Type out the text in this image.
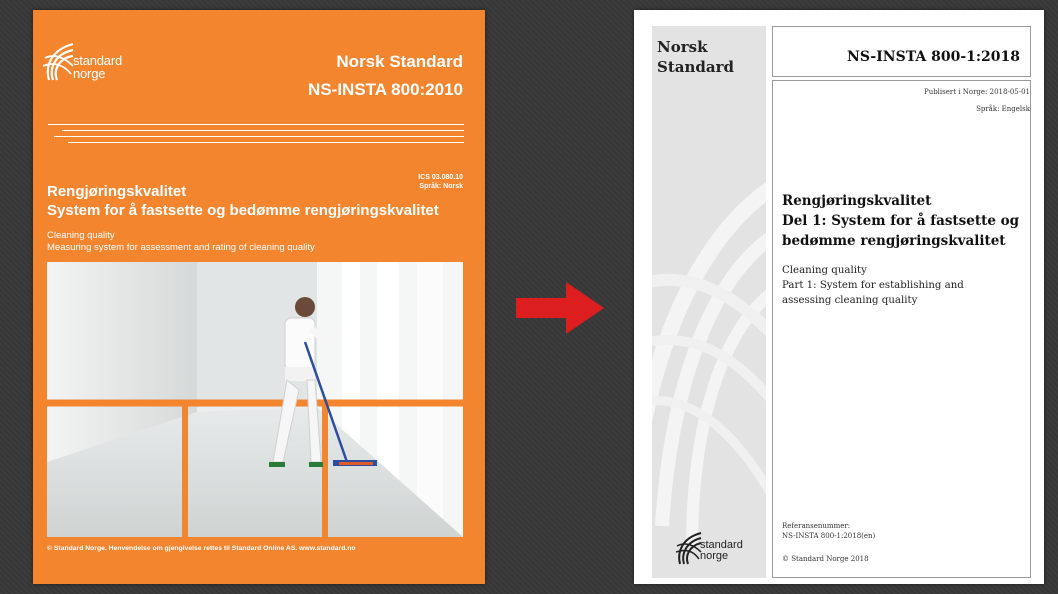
standard
norge
Norsk Standard
NS-INSTA 800:2010
ICS 03.080.10
Språk: Norsk
Rengjøringskvalitet
System for å fastsette og bedømme rengjøringskvalitet
Cleaning quality
Measuring system for assessment and rating of cleaning quality
© Standard Norge. Henvendelse om gjengivelse rettes til Standard Online AS. www.standard.no
Norsk
Standard
NS-INSTA 800-1:2018
Publisert i Norge: 2018-05-01
Språk: Engelsk
Rengjøringskvalitet
Del 1: System for å fastsette og
bedømme rengjøringskvalitet
Cleaning quality
Part 1: System for establishing and
assessing cleaning quality
Referansenummer:
NS-INSTA 800-1:2018(en)
© Standard Norge 2018
standard
norge
